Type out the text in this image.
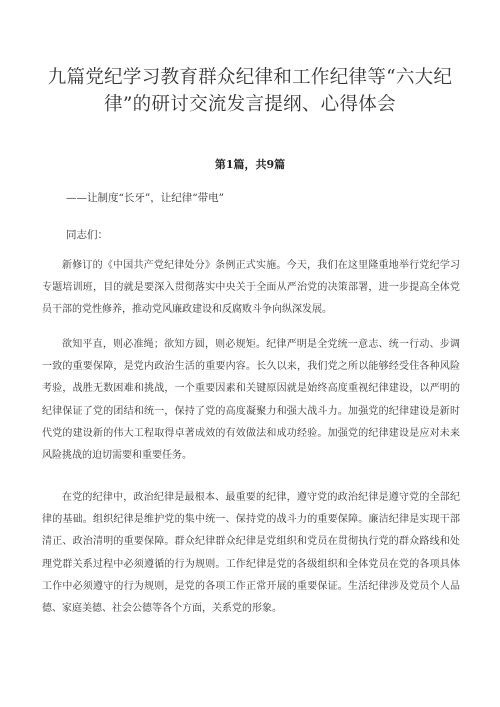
九篇党纪学习教育群众纪律和工作纪律等“六大纪律”的研讨交流发言提纲、心得体会
第1篇，共9篇
——让制度“长牙”，让纪律“带电”
同志们：

新修订的《中国共产党纪律处分》条例正式实施。今天，我们在这里隆重地举行党纪学习专题培训班，目的就是要深入贯彻落实中央关于全面从严治党的决策部署，进一步提高全体党员干部的党性修养，推动党风廉政建设和反腐败斗争向纵深发展。

欲知平直，则必准绳；欲知方圆，则必规矩。纪律严明是全党统一意志、统一行动、步调一致的重要保障，是党内政治生活的重要内容。长久以来，我们党之所以能够经受住各种风险考验，战胜无数困难和挑战，一个重要因素和关键原因就是始终高度重视纪律建设，以严明的纪律保证了党的团结和统一，保持了党的高度凝聚力和强大战斗力。加强党的纪律建设是新时代党的建设新的伟大工程取得卓著成效的有效做法和成功经验。加强党的纪律建设是应对未来风险挑战的迫切需要和重要任务。

在党的纪律中，政治纪律是最根本、最重要的纪律，遵守党的政治纪律是遵守党的全部纪律的基础。组织纪律是维护党的集中统一、保持党的战斗力的重要保障。廉洁纪律是实现干部清正、政治清明的重要保障。群众纪律群众纪律是党组织和党员在贯彻执行党的群众路线和处理党群关系过程中必须遵循的行为规则。工作纪律是党的各级组织和全体党员在党的各项具体工作中必须遵守的行为规则，是党的各项工作正常开展的重要保证。生活纪律涉及党员个人品德、家庭美德、社会公德等各个方面，关系党的形象。
